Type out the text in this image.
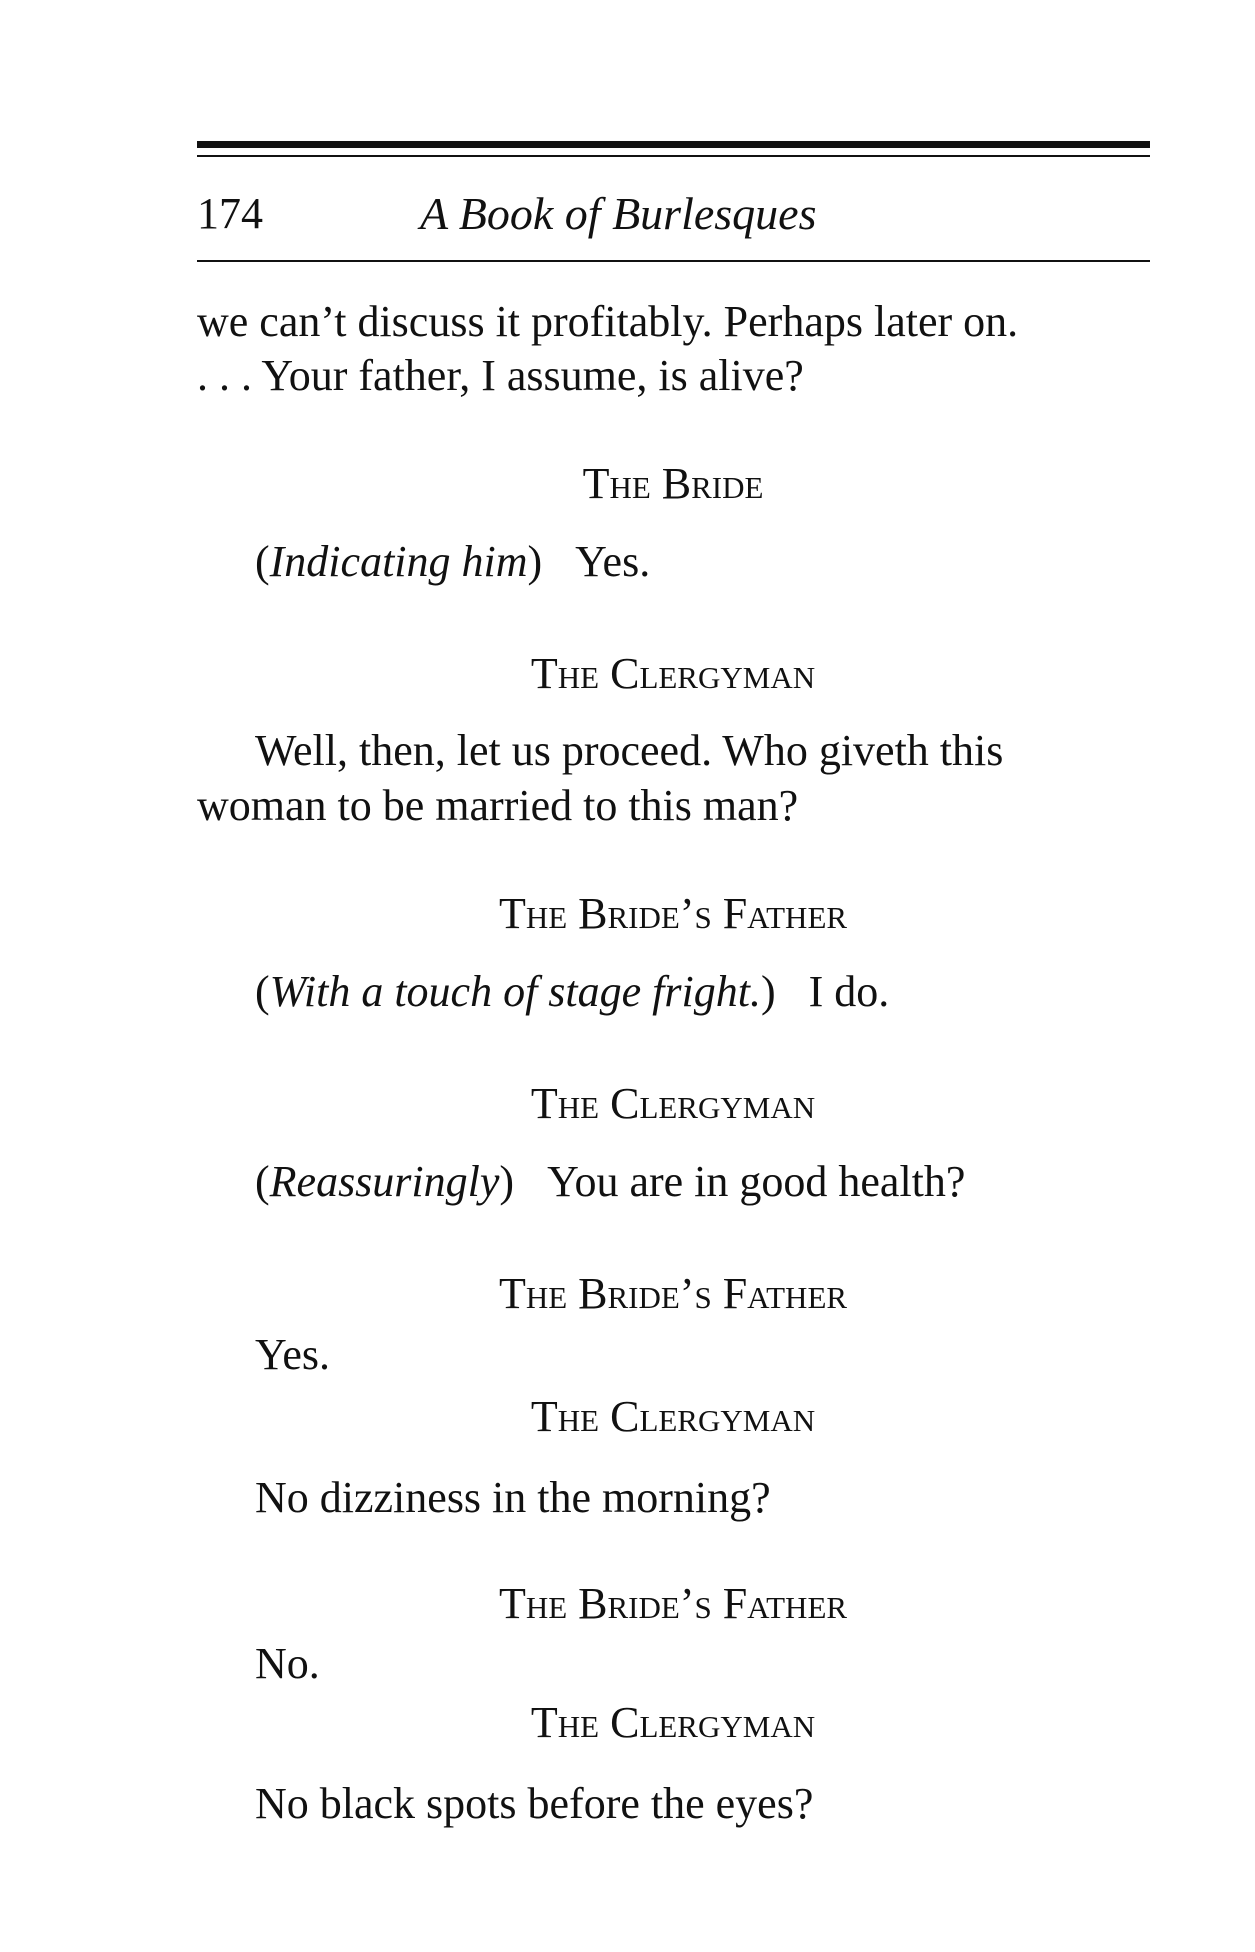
174	A Book of Burlesques
we can’t discuss it profitably. Perhaps later on.
. . . Your father, I assume, is alive?
The Bride
(Indicating him)   Yes.
The Clergyman
Well, then, let us proceed. Who giveth this
woman to be married to this man?
The Bride’s Father
(With a touch of stage fright.)   I do.
The Clergyman
(Reassuringly)   You are in good health?
The Bride’s Father
Yes.
The Clergyman
No dizziness in the morning?
The Bride’s Father
No.
The Clergyman
No black spots before the eyes?
